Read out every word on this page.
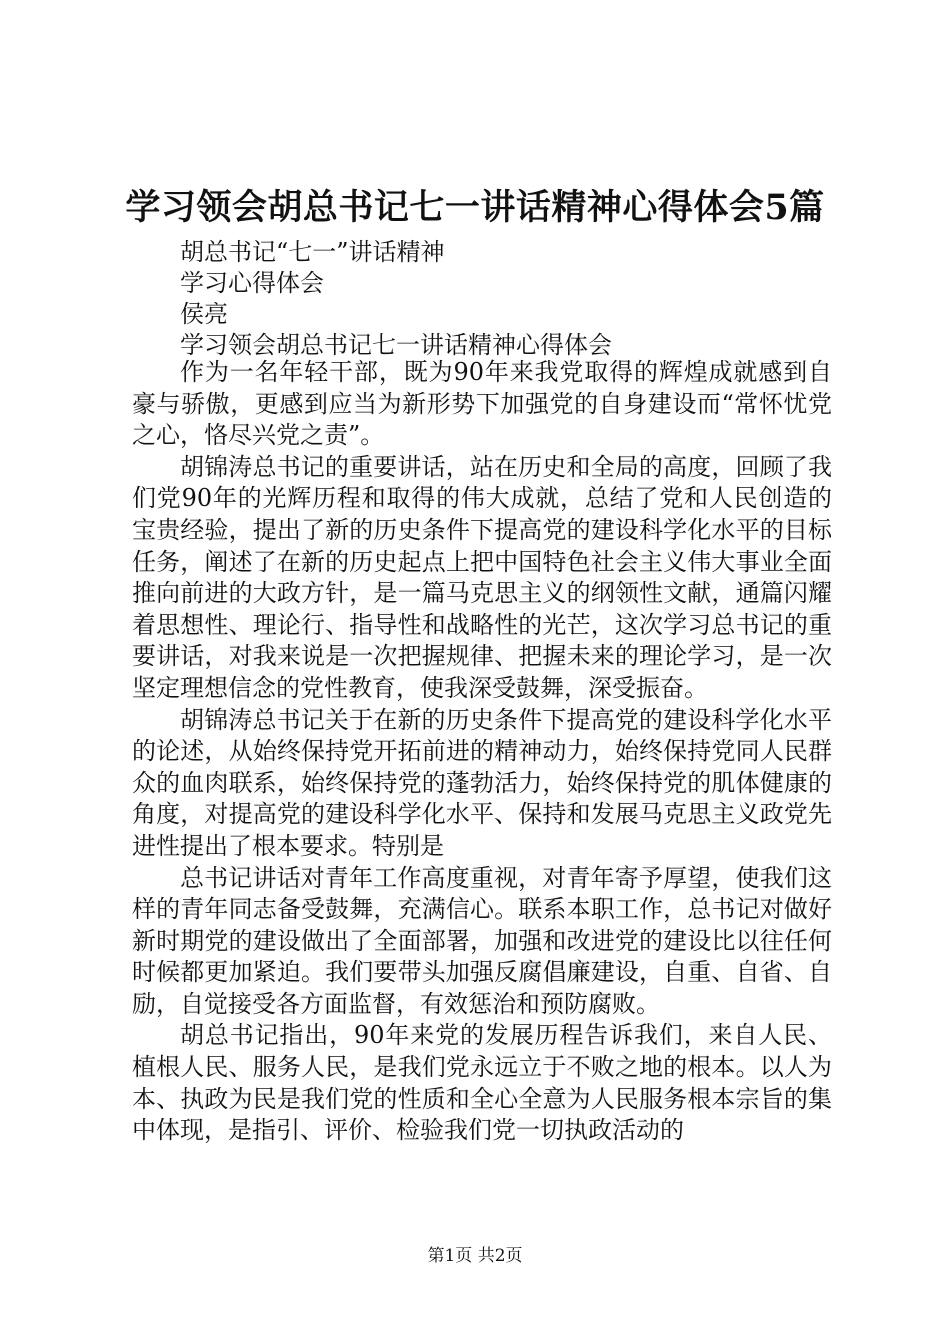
学习领会胡总书记七一讲话精神心得体会5篇
胡总书记“七一”讲话精神
学习心得体会
侯亮
学习领会胡总书记七一讲话精神心得体会

作为一名年轻干部，既为90年来我党取得的辉煌成就感到自豪与骄傲，更感到应当为新形势下加强党的自身建设而“常怀忧党之心，恪尽兴党之责”。

胡锦涛总书记的重要讲话，站在历史和全局的高度，回顾了我们党90年的光辉历程和取得的伟大成就，总结了党和人民创造的宝贵经验，提出了新的历史条件下提高党的建设科学化水平的目标任务，阐述了在新的历史起点上把中国特色社会主义伟大事业全面推向前进的大政方针，是一篇马克思主义的纲领性文献，通篇闪耀着思想性、理论行、指导性和战略性的光芒，这次学习总书记的重要讲话，对我来说是一次把握规律、把握未来的理论学习，是一次坚定理想信念的党性教育，使我深受鼓舞，深受振奋。

胡锦涛总书记关于在新的历史条件下提高党的建设科学化水平的论述，从始终保持党开拓前进的精神动力，始终保持党同人民群众的血肉联系，始终保持党的蓬勃活力，始终保持党的肌体健康的角度，对提高党的建设科学化水平、保持和发展马克思主义政党先进性提出了根本要求。特别是

总书记讲话对青年工作高度重视，对青年寄予厚望，使我们这样的青年同志备受鼓舞，充满信心。联系本职工作，总书记对做好新时期党的建设做出了全面部署，加强和改进党的建设比以往任何时候都更加紧迫。我们要带头加强反腐倡廉建设，自重、自省、自励，自觉接受各方面监督，有效惩治和预防腐败。

胡总书记指出，90年来党的发展历程告诉我们，来自人民、植根人民、服务人民，是我们党永远立于不败之地的根本。以人为本、执政为民是我们党的性质和全心全意为人民服务根本宗旨的集中体现，是指引、评价、检验我们党一切执政活动的

第1页 共2页
